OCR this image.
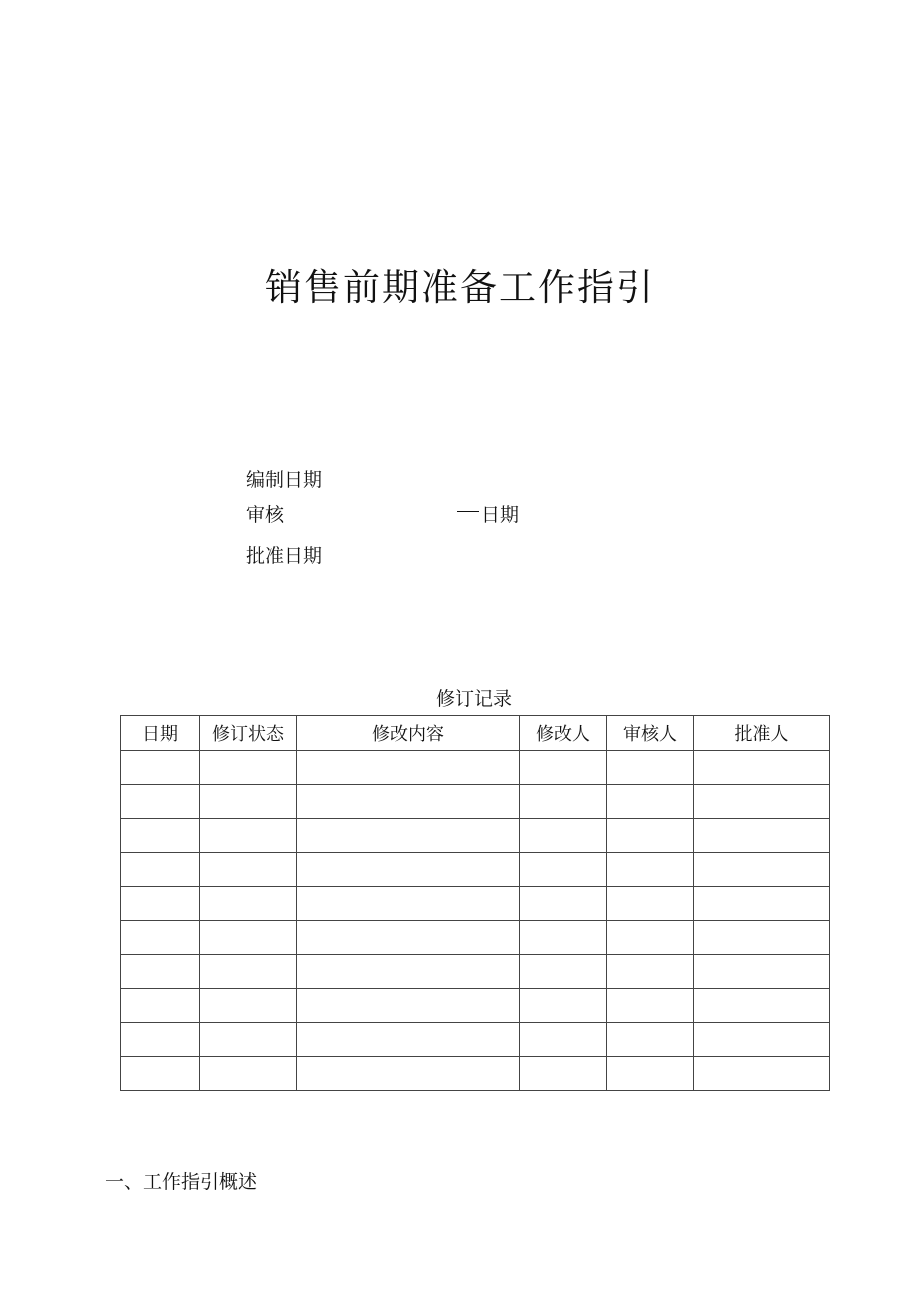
销售前期准备工作指引
编制日期
审核	日期
批准日期
修订记录
日期	修订状态	修改内容	修改人	审核人	批准人

一、工作指引概述
